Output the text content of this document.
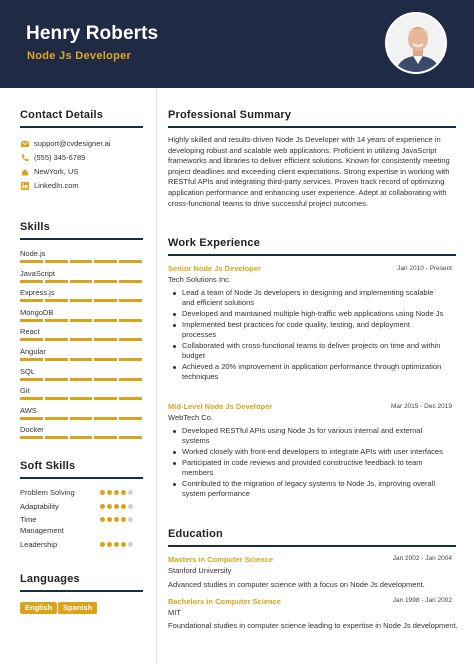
Henry Roberts
Node Js Developer
Contact Details
support@cvdesigner.ai
(555) 345-6789
NewYork, US
LinkedIn.com
Skills
Node.js
JavaScript
Express.js
MongoDB
React
Angular
SQL
Git
AWS
Docker
Soft Skills
Problem Solving
Adaptability
Time Management
Leadership
Languages
English	Spanish
Professional Summary
Highly skilled and results-driven Node Js Developer with 14 years of experience in developing robust and scalable web applications. Proficient in utilizing JavaScript frameworks and libraries to deliver efficient solutions. Known for consistently meeting project deadlines and exceeding client expectations. Strong expertise in working with RESTful APIs and integrating third-party services. Proven track record of optimizing application performance and enhancing user experience. Adept at collaborating with cross-functional teams to drive successful project outcomes.
Work Experience
Senior Node Js Developer	Jan 2010 - Present
Tech Solutions Inc.
Lead a team of Node Js developers in designing and implementing scalable and efficient solutions
Developed and maintained multiple high-traffic web applications using Node Js
Implemented best practices for code quality, testing, and deployment processes
Collaborated with cross-functional teams to deliver projects on time and within budget
Achieved a 20% improvement in application performance through optimization techniques
Mid-Level Node Js Developer	Mar 2015 - Dec 2019
WebTech Co.
Developed RESTful APIs using Node Js for various internal and external systems
Worked closely with front-end developers to integrate APIs with user interfaces
Participated in code reviews and provided constructive feedback to team members
Contributed to the migration of legacy systems to Node Js, improving overall system performance
Education
Masters in Computer Science	Jan 2002 - Jan 2004
Stanford University
Advanced studies in computer science with a focus on Node Js development.
Bachelors in Computer Science	Jan 1998 - Jan 2002
MIT
Foundational studies in computer science leading to expertise in Node Js development.
